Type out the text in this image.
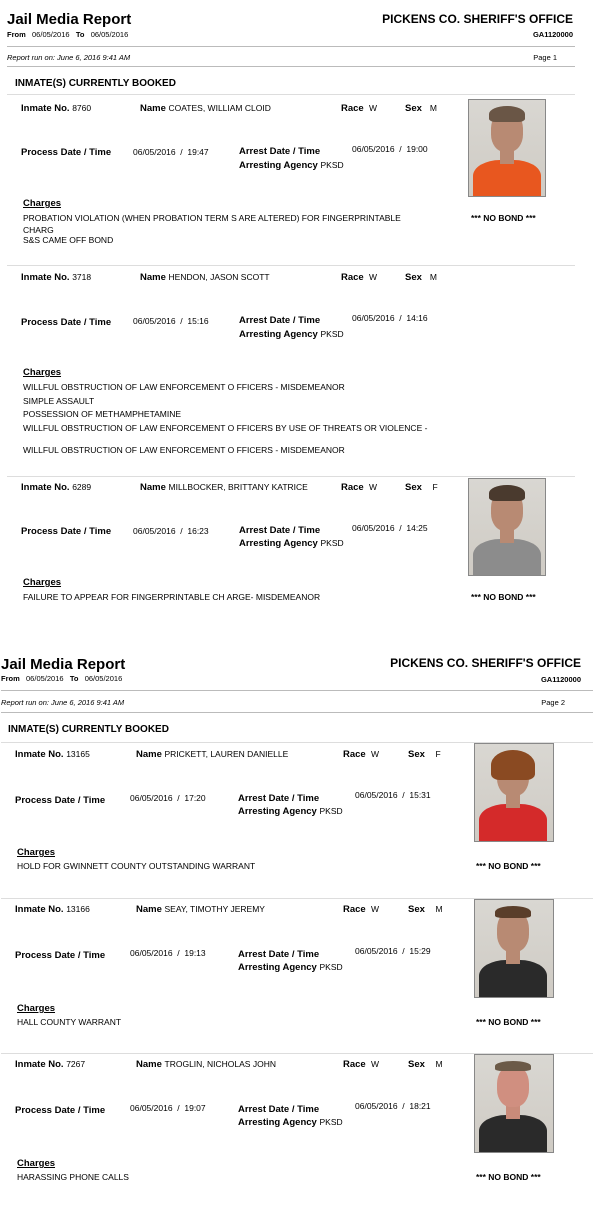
Jail Media Report
From 06/05/2016 To 06/05/2016
PICKENS CO. SHERIFF'S OFFICE
GA1120000
Report run on: June 6, 2016 9:41 AM	Page 1
INMATE(S) CURRENTLY BOOKED
Inmate No. 8760	Name COATES, WILLIAM CLOID	Race W	Sex M
Process Date / Time	06/05/2016  /  19:47	Arrest Date / Time	06/05/2016  /  19:00
Arresting Agency PKSD
Charges
PROBATION VIOLATION (WHEN PROBATION TERM S ARE ALTERED) FOR FINGERPRINTABLE CHARG
S&S CAME OFF BOND
*** NO BOND ***
Inmate No. 3718	Name HENDON, JASON SCOTT	Race W	Sex M
Process Date / Time	06/05/2016  /  15:16	Arrest Date / Time	06/05/2016  /  14:16
Arresting Agency PKSD
Charges
WILLFUL OBSTRUCTION OF LAW ENFORCEMENT O FFICERS - MISDEMEANOR
SIMPLE ASSAULT
POSSESSION OF METHAMPHETAMINE
WILLFUL OBSTRUCTION OF LAW ENFORCEMENT O FFICERS BY USE OF THREATS OR VIOLENCE -
WILLFUL OBSTRUCTION OF LAW ENFORCEMENT O FFICERS - MISDEMEANOR
Inmate No. 6289	Name MILLBOCKER, BRITTANY KATRICE	Race W	Sex F
Process Date / Time	06/05/2016  /  16:23	Arrest Date / Time	06/05/2016  /  14:25
Arresting Agency PKSD
Charges
FAILURE TO APPEAR FOR FINGERPRINTABLE CH ARGE- MISDEMEANOR	*** NO BOND ***
Jail Media Report
From 06/05/2016 To 06/05/2016
PICKENS CO. SHERIFF'S OFFICE
GA1120000
Report run on: June 6, 2016 9:41 AM	Page 2
INMATE(S) CURRENTLY BOOKED
Inmate No. 13165	Name PRICKETT, LAUREN DANIELLE	Race W	Sex F
Process Date / Time	06/05/2016  /  17:20	Arrest Date / Time	06/05/2016  /  15:31
Arresting Agency PKSD
Charges
HOLD FOR GWINNETT COUNTY OUTSTANDING WARRANT	*** NO BOND ***
Inmate No. 13166	Name SEAY, TIMOTHY JEREMY	Race W	Sex M
Process Date / Time	06/05/2016  /  19:13	Arrest Date / Time	06/05/2016  /  15:29
Arresting Agency PKSD
Charges
HALL COUNTY WARRANT	*** NO BOND ***
Inmate No. 7267	Name TROGLIN, NICHOLAS JOHN	Race W	Sex M
Process Date / Time	06/05/2016  /  19:07	Arrest Date / Time	06/05/2016  /  18:21
Arresting Agency PKSD
Charges
HARASSING PHONE CALLS	*** NO BOND ***
